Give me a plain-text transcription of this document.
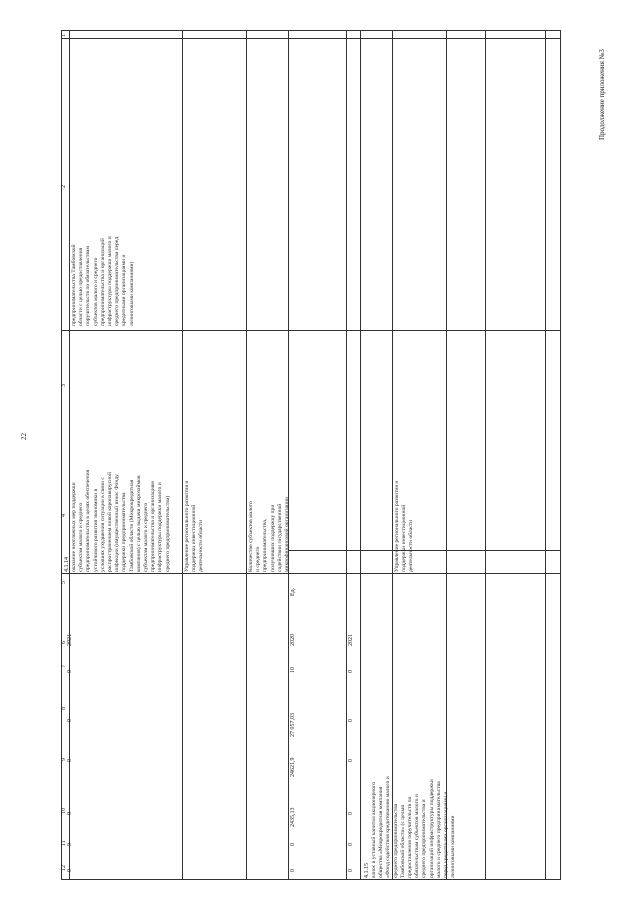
22
Продолжение приложения №3
1
2
3
4
5
6
7
8
9
10
11
12
предпринимательства Тамбовской
области с целью предоставления
поручительств по обязательствам
субъектов малого и среднего
предпринимательства и организаций
инфраструктуры поддержки малого и
среднего предпринимательства перед
кредитными организациями и
лизинговыми компаниями)
2021
0
0
0
0
0
0
4.1.14 оказание неотложных мер поддержки
субъектам малого и среднего
предпринимательства в целях обеспечения
устойчивого развития экономики в
условиях ухудшения ситуации в связи с
распространением новой коронавирусной
инфекции (имущественный взнос Фонду
поддержки предпринимательства
Тамбовской области (Микрокредитная
компания) с целью выдачи микрозаймов
субъектам малого и среднего
предпринимательства и организациям
инфраструктуры поддержки малого и
среднего предпринимательства)
Управление регионального развития и
поддержки инвестиционной
деятельности области
Количество субъектов малого
и среднего
предпринимательства,
получивших поддержку при
содействии государственной
микрофинансовой организации
Ед.
2020
10
27 057,03
24621,9
2435,13
0
0
2021
0
0
0
0
0
0 4.1.15 взнос в уставный капитал акционерного
общества «Микрокредитная компания
«Фонд содействия кредитованию малого и
среднего предпринимательства
Тамбовской области» (с целью
предоставления поручительств по
обязательствам субъектов малого и
среднего предпринимательства и
организаций инфраструктуры поддержки
малого и среднего предпринимательства
перед кредитными организациями и
лизинговыми компаниями
Управление регионального развития и
поддержки инвестиционной
деятельности области
